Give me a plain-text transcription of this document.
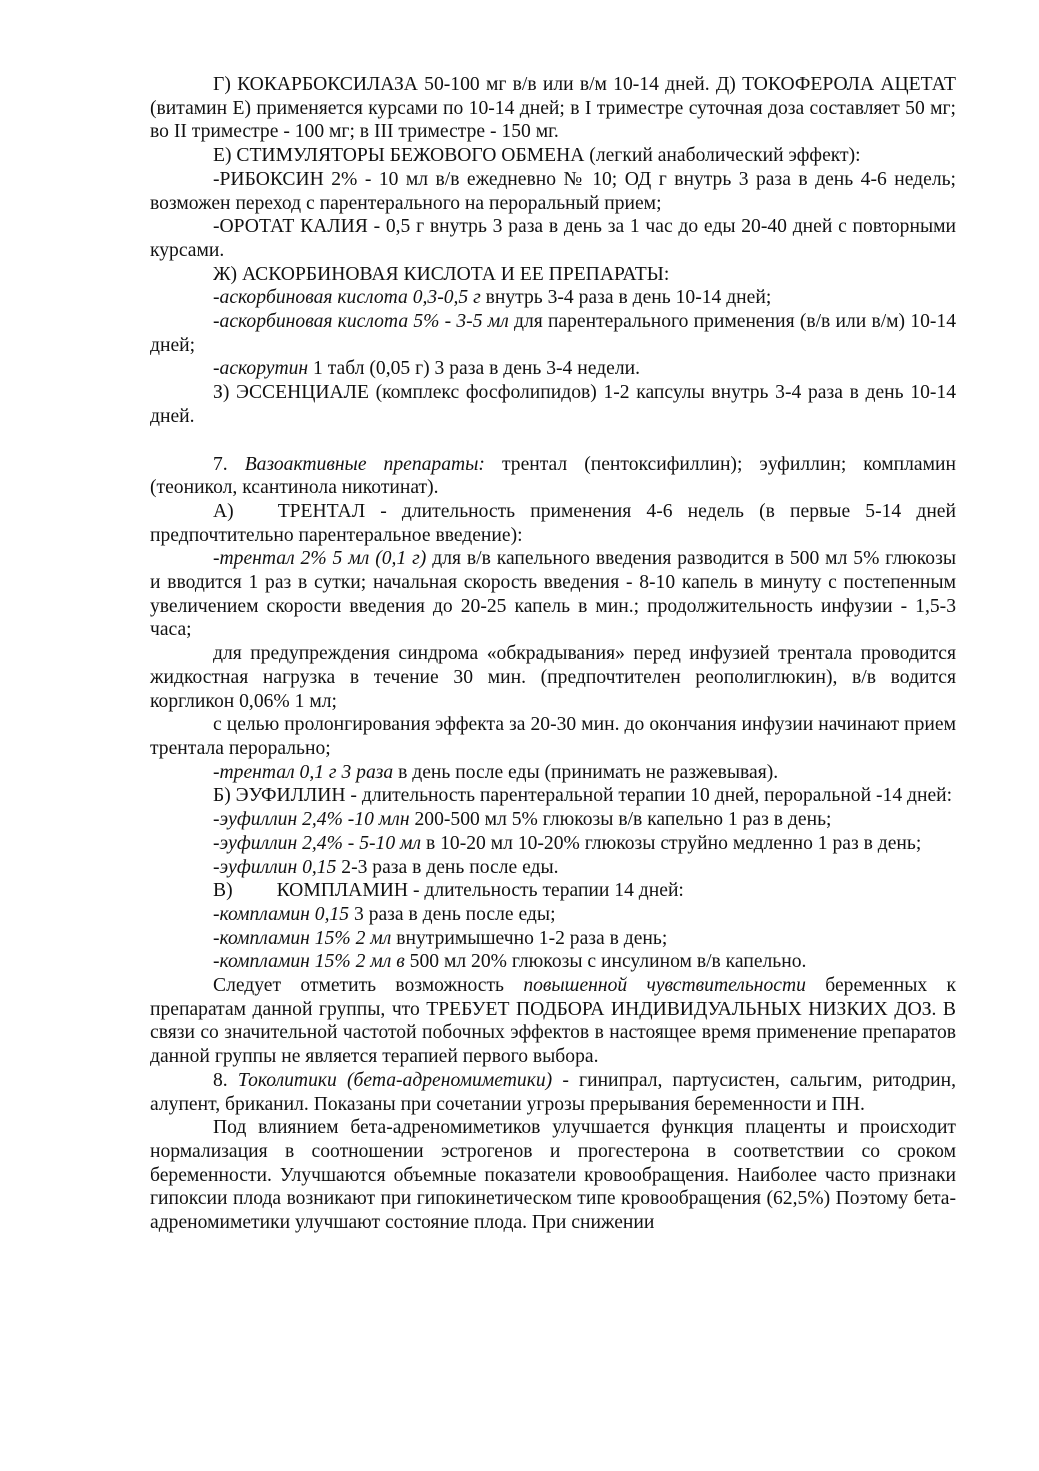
Г) КОКАРБОКСИЛАЗА 50-100 мг в/в или в/м 10-14 дней. Д) ТОКОФЕРОЛА АЦЕТАТ (витамин Е) применяется курсами по 10-14 дней; в I триместре суточная доза составляет 50 мг; во II триместре - 100 мг; в III триместре - 150 мг.

Е) СТИМУЛЯТОРЫ БЕЖОВОГО ОБМЕНА (легкий анаболический эффект):

-РИБОКСИН 2% - 10 мл в/в ежедневно № 10; ОД г внутрь 3 раза в день 4-6 недель; возможен переход с парентерального на пероральный прием;

-ОРОТАТ КАЛИЯ - 0,5 г внутрь 3 раза в день за 1 час до еды 20-40 дней с повторными курсами.

Ж) АСКОРБИНОВАЯ КИСЛОТА И ЕЕ ПРЕПАРАТЫ:

-аскорбиновая кислота 0,3-0,5 г внутрь 3-4 раза в день 10-14 дней;

-аскорбиновая кислота 5% - 3-5 мл для парентерального применения (в/в или в/м) 10-14 дней;

-аскорутин 1 табл (0,05 г) 3 раза в день 3-4 недели.

З) ЭССЕНЦИАЛЕ (комплекс фосфолипидов) 1-2 капсулы внутрь 3-4 раза в день 10-14 дней.

7. Вазоактивные препараты: трентал (пентоксифиллин); эуфиллин; компламин (теоникол, ксантинола никотинат).

А) ТРЕНТАЛ - длительность применения 4-6 недель (в первые 5-14 дней предпочтительно парентеральное введение):

-трентал 2% 5 мл (0,1 г) для в/в капельного введения разводится в 500 мл 5% глюкозы и вводится 1 раз в сутки; начальная скорость введения - 8-10 капель в минуту с постепенным увеличением скорости введения до 20-25 капель в мин.; продолжительность инфузии - 1,5-3 часа;

для предупреждения синдрома «обкрадывания» перед инфузией трентала проводится жидкостная нагрузка в течение 30 мин. (предпочтителен реополиглюкин), в/в водится коргликон 0,06% 1 мл;

с целью пролонгирования эффекта за 20-30 мин. до окончания инфузии начинают прием трентала перорально;

-трентал 0,1 г 3 раза в день после еды (принимать не разжевывая).

Б) ЭУФИЛЛИН - длительность парентеральной терапии 10 дней, пероральной -14 дней:

-эуфиллин 2,4% -10 млн 200-500 мл 5% глюкозы в/в капельно 1 раз в день;

-эуфиллин 2,4% - 5-10 мл в 10-20 мл 10-20% глюкозы струйно медленно 1 раз в день;

-эуфиллин 0,15 2-3 раза в день после еды.

В) КОМПЛАМИН - длительность терапии 14 дней:

-компламин 0,15 3 раза в день после еды;

-компламин 15% 2 мл внутримышечно 1-2 раза в день;

-компламин 15% 2 мл в 500 мл 20% глюкозы с инсулином в/в капельно.

Следует отметить возможность повышенной чувствительности беременных к препаратам данной группы, что ТРЕБУЕТ ПОДБОРА ИНДИВИДУАЛЬНЫХ НИЗКИХ ДОЗ. В связи со значительной частотой побочных эффектов в настоящее время применение препаратов данной группы не является терапией первого выбора.

8. Токолитики (бета-адреномиметики) - гинипрал, партусистен, сальгим, ритодрин, алупент, бриканил. Показаны при сочетании угрозы прерывания беременности и ПН.

Под влиянием бета-адреномиметиков улучшается функция плаценты и происходит нормализация в соотношении эстрогенов и прогестерона в соответствии со сроком беременности. Улучшаются объемные показатели кровообращения. Наиболее часто признаки гипоксии плода возникают при гипокинетическом типе кровообращения (62,5%) Поэтому бета-адреномиметики улучшают состояние плода. При снижении
